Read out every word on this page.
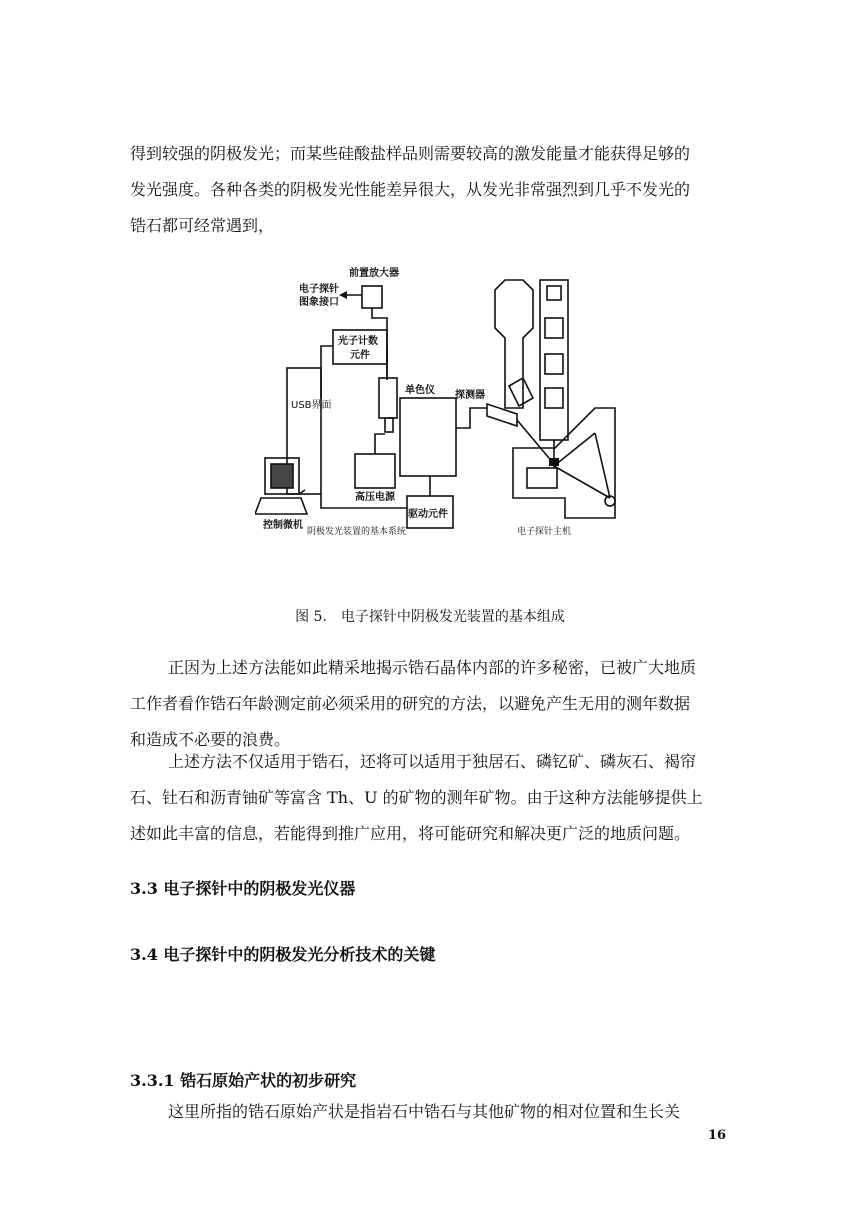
得到较强的阴极发光；而某些硅酸盐样品则需要较高的激发能量才能获得足够的
发光强度。各种各类的阴极发光性能差异很大，从发光非常强烈到几乎不发光的
锆石都可经常遇到，
前置放大器
电子探针
图象接口
光子计数
元件
USB界面
单色仪 探测器
高压电源
驱动元件
控制微机
阴极发光装置的基本系统	电子探针主机
图 5.　电子探针中阴极发光装置的基本组成
正因为上述方法能如此精采地揭示锆石晶体内部的许多秘密，已被广大地质
工作者看作锆石年龄测定前必须采用的研究的方法，以避免产生无用的测年数据
和造成不必要的浪费。
上述方法不仅适用于锆石，还将可以适用于独居石、磷钇矿、磷灰石、褐帘
石、钍石和沥青铀矿等富含 Th、U 的矿物的测年矿物。由于这种方法能够提供上
述如此丰富的信息，若能得到推广应用，将可能研究和解决更广泛的地质问题。
3.3 电子探针中的阴极发光仪器
3.4 电子探针中的阴极发光分析技术的关键
3.3.1 锆石原始产状的初步研究
这里所指的锆石原始产状是指岩石中锆石与其他矿物的相对位置和生长关
16
